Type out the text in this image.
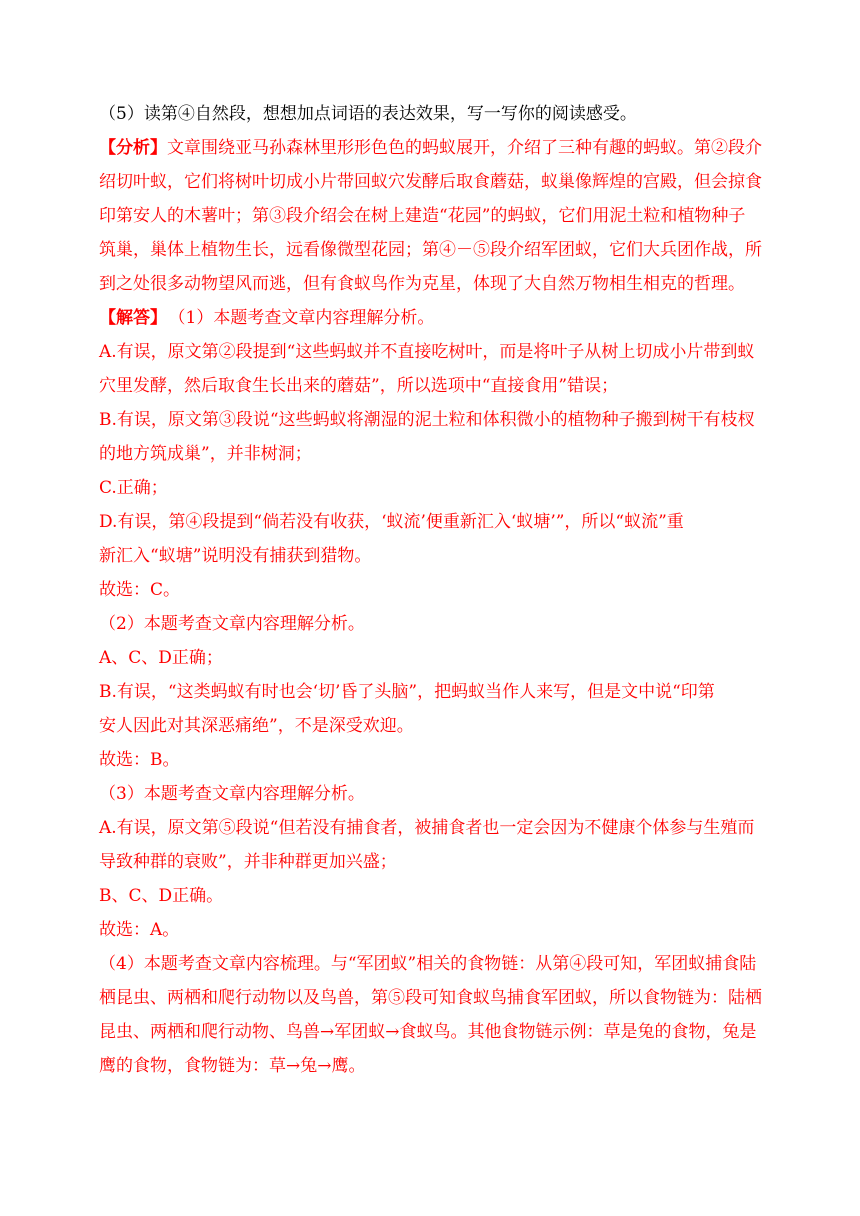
（5）读第④自然段，想想加点词语的表达效果，写一写你的阅读感受。
【分析】文章围绕亚马孙森林里形形色色的蚂蚁展开，介绍了三种有趣的蚂蚁。第②段介
绍切叶蚁，它们将树叶切成小片带回蚁穴发酵后取食蘑菇，蚁巢像辉煌的宫殿，但会掠食
印第安人的木薯叶；第③段介绍会在树上建造“花园”的蚂蚁，它们用泥土粒和植物种子
筑巢，巢体上植物生长，远看像微型花园；第④－⑤段介绍军团蚁，它们大兵团作战，所
到之处很多动物望风而逃，但有食蚁鸟作为克星，体现了大自然万物相生相克的哲理。
【解答】 （1）本题考查文章内容理解分析。
A.有误，原文第②段提到“这些蚂蚁并不直接吃树叶，而是将叶子从树上切成小片带到蚁
穴里发酵，然后取食生长出来的蘑菇”，所以选项中“直接食用”错误；
B.有误，原文第③段说“这些蚂蚁将潮湿的泥土粒和体积微小的植物种子搬到树干有枝杈
的地方筑成巢”，并非树洞；
C.正确；
D.有误，第④段提到“倘若没有收获，‘蚁流’便重新汇入‘蚁塘’”，所以“蚁流”重
新汇入“蚁塘”说明没有捕获到猎物。
故选：C。
（2）本题考查文章内容理解分析。
A、C、D正确；
B.有误，“这类蚂蚁有时也会‘切’昏了头脑”，把蚂蚁当作人来写，但是文中说“印第
安人因此对其深恶痛绝”，不是深受欢迎。
故选：B。
（3）本题考查文章内容理解分析。
A.有误，原文第⑤段说“但若没有捕食者，被捕食者也一定会因为不健康个体参与生殖而
导致种群的衰败”，并非种群更加兴盛；
B、C、D正确。
故选：A。
（4）本题考查文章内容梳理。与“军团蚁”相关的食物链：从第④段可知，军团蚁捕食陆
栖昆虫、两栖和爬行动物以及鸟兽，第⑤段可知食蚁鸟捕食军团蚁，所以食物链为：陆栖
昆虫、两栖和爬行动物、鸟兽→军团蚁→食蚁鸟。其他食物链示例：草是兔的食物，兔是
鹰的食物，食物链为：草→兔→鹰。
